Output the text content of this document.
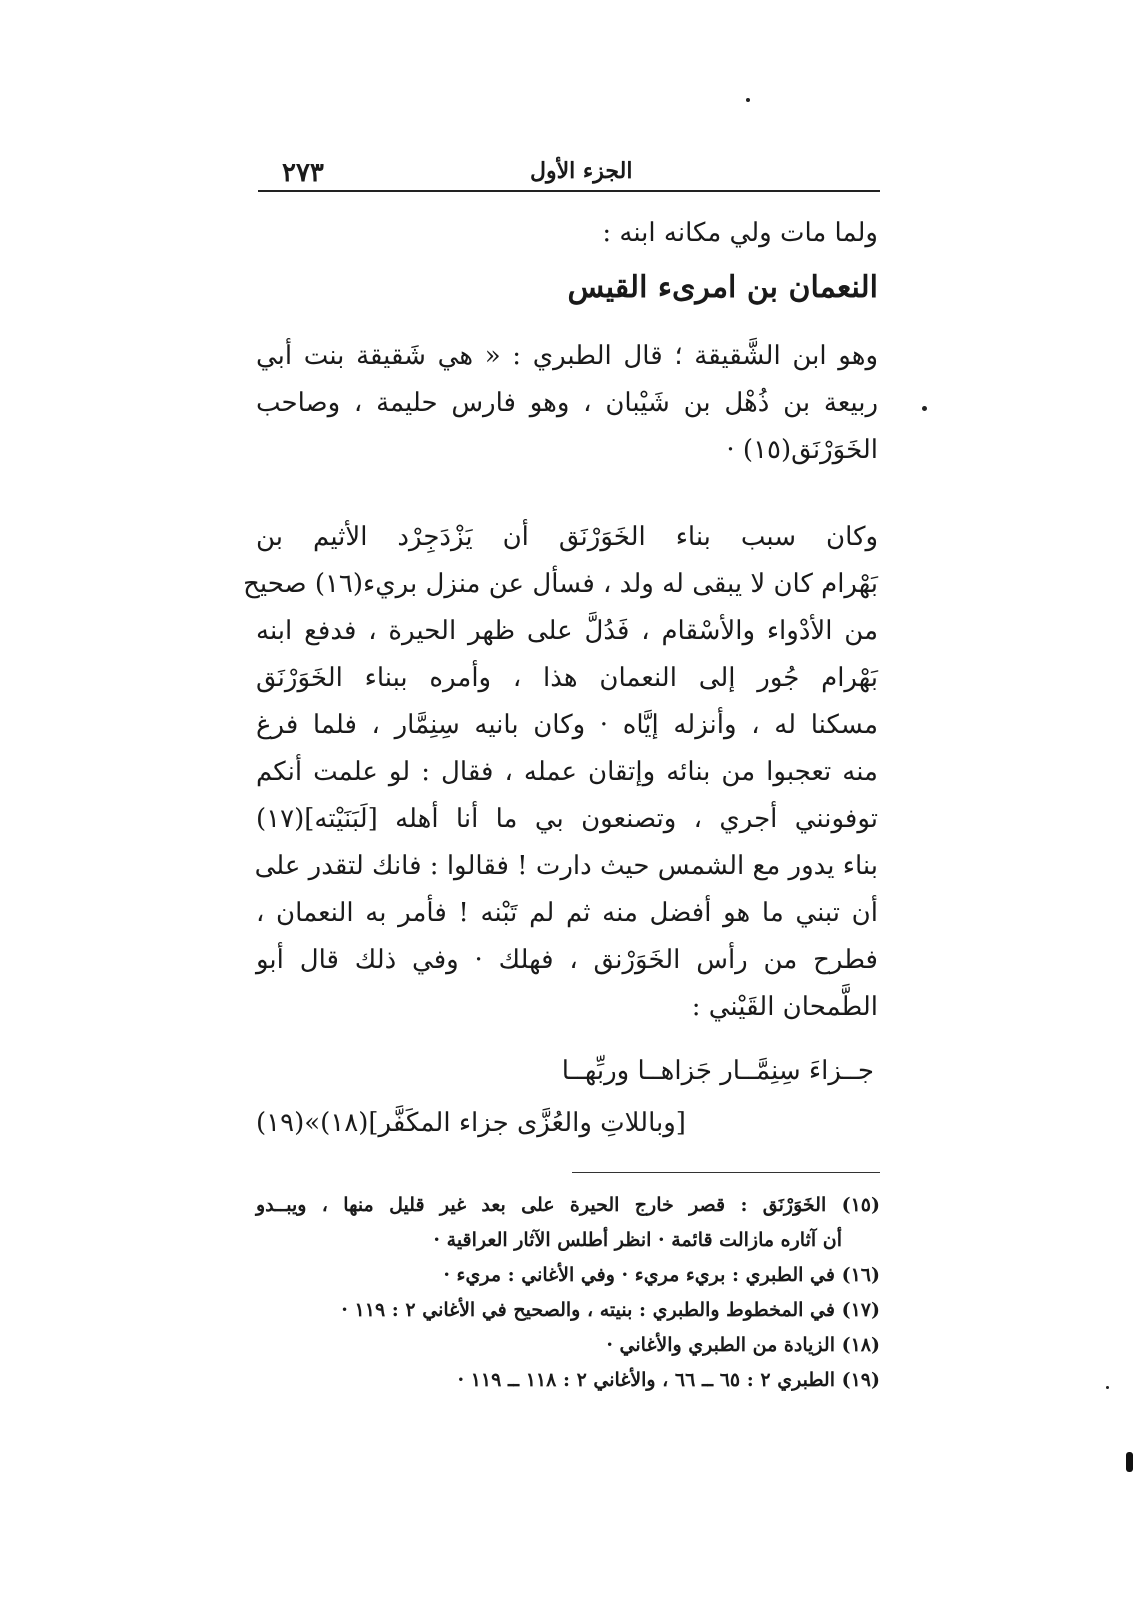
٢٧٣	الجزء الأول
ولما مات ولي مكانه ابنه :
النعمان بن امرىء القيس
وهو ابن الشَّقيقة ؛ قال الطبري : « هي شَقيقة بنت أبي
ربيعة بن ذُهْل بن شَيْبان ، وهو فارس حليمة ، وصاحب
الخَوَرْنَق(١٥) ·
وكان سبب بناء الخَوَرْنَق أن يَزْدَجِرْد الأثيم بن
بَهْرام كان لا يبقى له ولد ، فسأل عن منزل بريء(١٦) صحيح
من الأدْواء والأسْقام ، فَدُلَّ على ظهر الحيرة ، فدفع ابنه
بَهْرام جُور إلى النعمان هذا ، وأمره ببناء الخَوَرْنَق
مسكنا له ، وأنزله إيَّاه · وكان بانيه سِنِمَّار ، فلما فرغ
منه تعجبوا من بنائه وإتقان عمله ، فقال : لو علمت أنكم
توفونني أجري ، وتصنعون بي ما أنا أهله [لَبَنَيْته](١٧)
بناء يدور مع الشمس حيث دارت ! فقالوا : فانك لتقدر على
أن تبني ما هو أفضل منه ثم لم تَبْنه ! فأمر به النعمان ،
فطرح من رأس الخَوَرْنق ، فهلك · وفي ذلك قال أبو
الطَّمحان القَيْني :
جــزاءَ سِنِمَّــار جَزاهــا وربِّهــا
[وباللاتِ والعُزَّى جزاء المكَفَّر](١٨)»(١٩)
(١٥) الخَوَرْنَق : قصر خارج الحيرة على بعد غير قليل منها ، ويبــدو
أن آثاره مازالت قائمة · انظر أطلس الآثار العراقية ·
(١٦) في الطبري : بريء مريء · وفي الأغاني : مريء ·
(١٧) في المخطوط والطبري : بنيته ، والصحيح في الأغاني ٢ : ١١٩ ·
(١٨) الزيادة من الطبري والأغاني ·
(١٩) الطبري ٢ : ٦٥ ــ ٦٦ ، والأغاني ٢ : ١١٨ ــ ١١٩ ·
